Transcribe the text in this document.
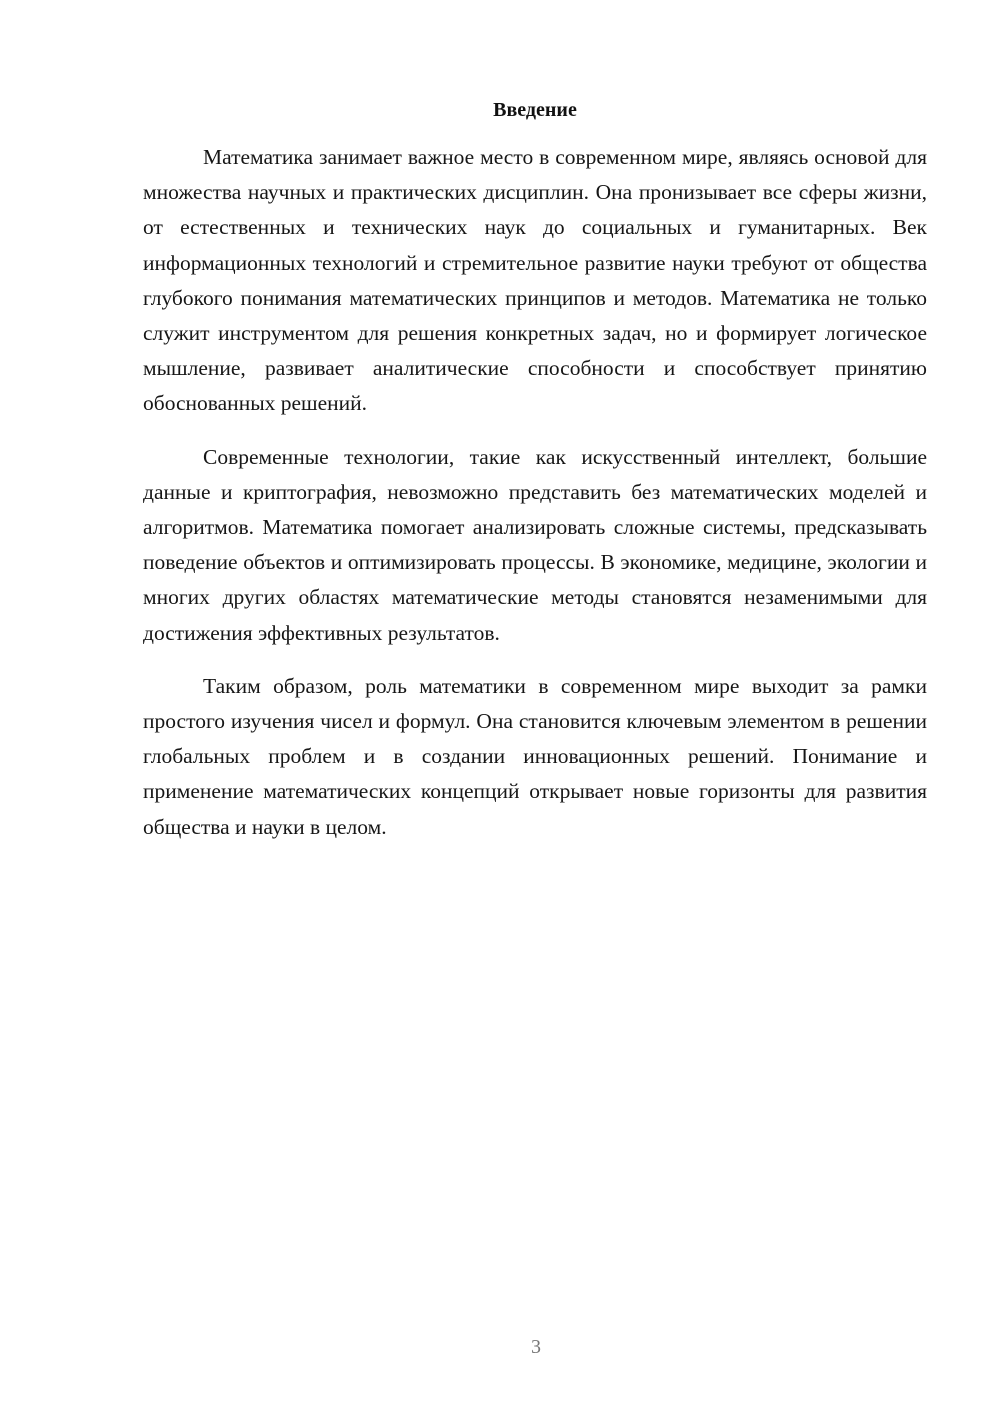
Введение

Математика занимает важное место в современном мире, являясь основой для множества научных и практических дисциплин. Она пронизывает все сферы жизни, от естественных и технических наук до социальных и гуманитарных. Век информационных технологий и стремительное развитие науки требуют от общества глубокого понимания математических принципов и методов. Математика не только служит инструментом для решения конкретных задач, но и формирует логическое мышление, развивает аналитические способности и способствует принятию обоснованных решений.

Современные технологии, такие как искусственный интеллект, большие данные и криптография, невозможно представить без математических моделей и алгоритмов. Математика помогает анализировать сложные системы, предсказывать поведение объектов и оптимизировать процессы. В экономике, медицине, экологии и многих других областях математические методы становятся незаменимыми для достижения эффективных результатов.

Таким образом, роль математики в современном мире выходит за рамки простого изучения чисел и формул. Она становится ключевым элементом в решении глобальных проблем и в создании инновационных решений. Понимание и применение математических концепций открывает новые горизонты для развития общества и науки в целом.

3
